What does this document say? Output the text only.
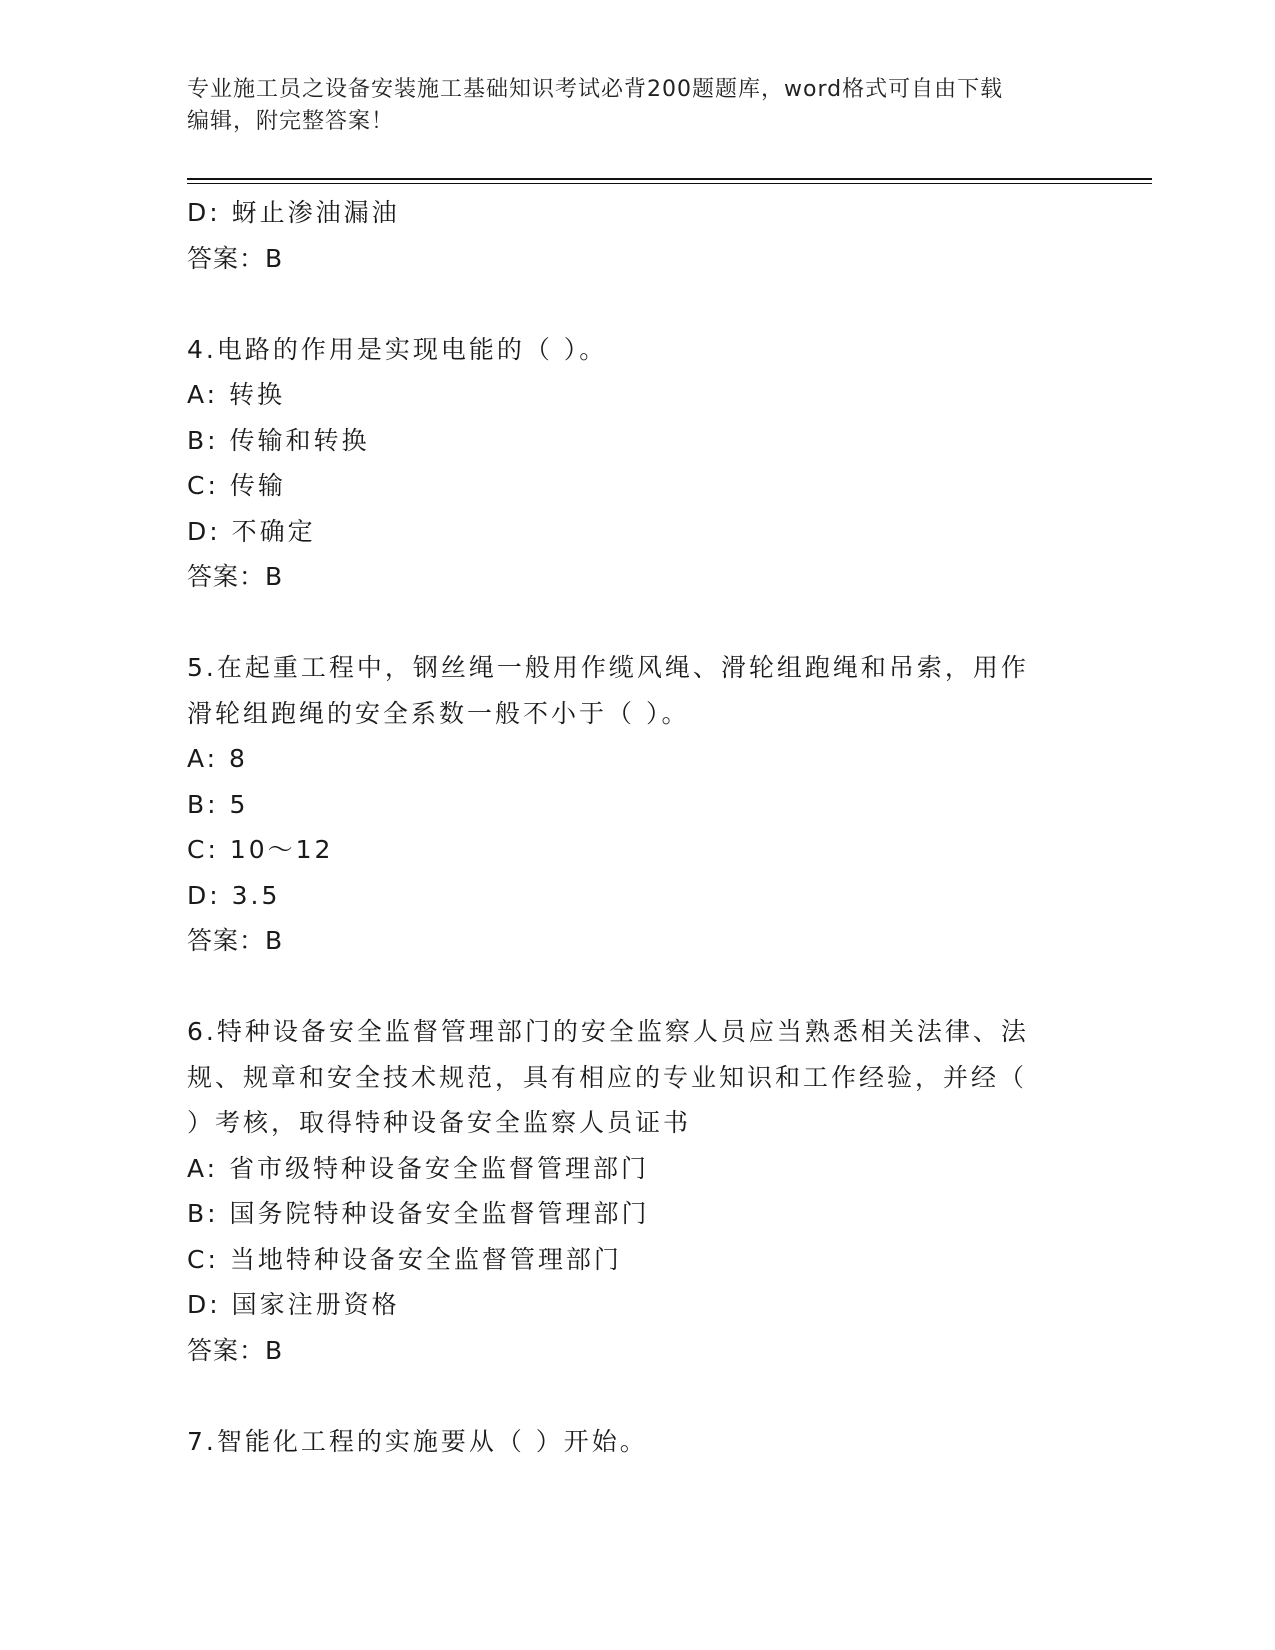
专业施工员之设备安装施工基础知识考试必背200题题库，word格式可自由下载
编辑，附完整答案！
D: 蚜止渗油漏油
答案：B
4.电路的作用是实现电能的（ ）。
A: 转换
B: 传输和转换
C: 传输
D: 不确定
答案：B
5.在起重工程中，钢丝绳一般用作缆风绳、滑轮组跑绳和吊索，用作
滑轮组跑绳的安全系数一般不小于（ ）。
A: 8
B: 5
C: 10～12
D: 3.5
答案：B
6.特种设备安全监督管理部门的安全监察人员应当熟悉相关法律、法
规、规章和安全技术规范，具有相应的专业知识和工作经验，并经（
）考核，取得特种设备安全监察人员证书
A: 省市级特种设备安全监督管理部门
B: 国务院特种设备安全监督管理部门
C: 当地特种设备安全监督管理部门
D: 国家注册资格
答案：B
7.智能化工程的实施要从（ ）开始。
